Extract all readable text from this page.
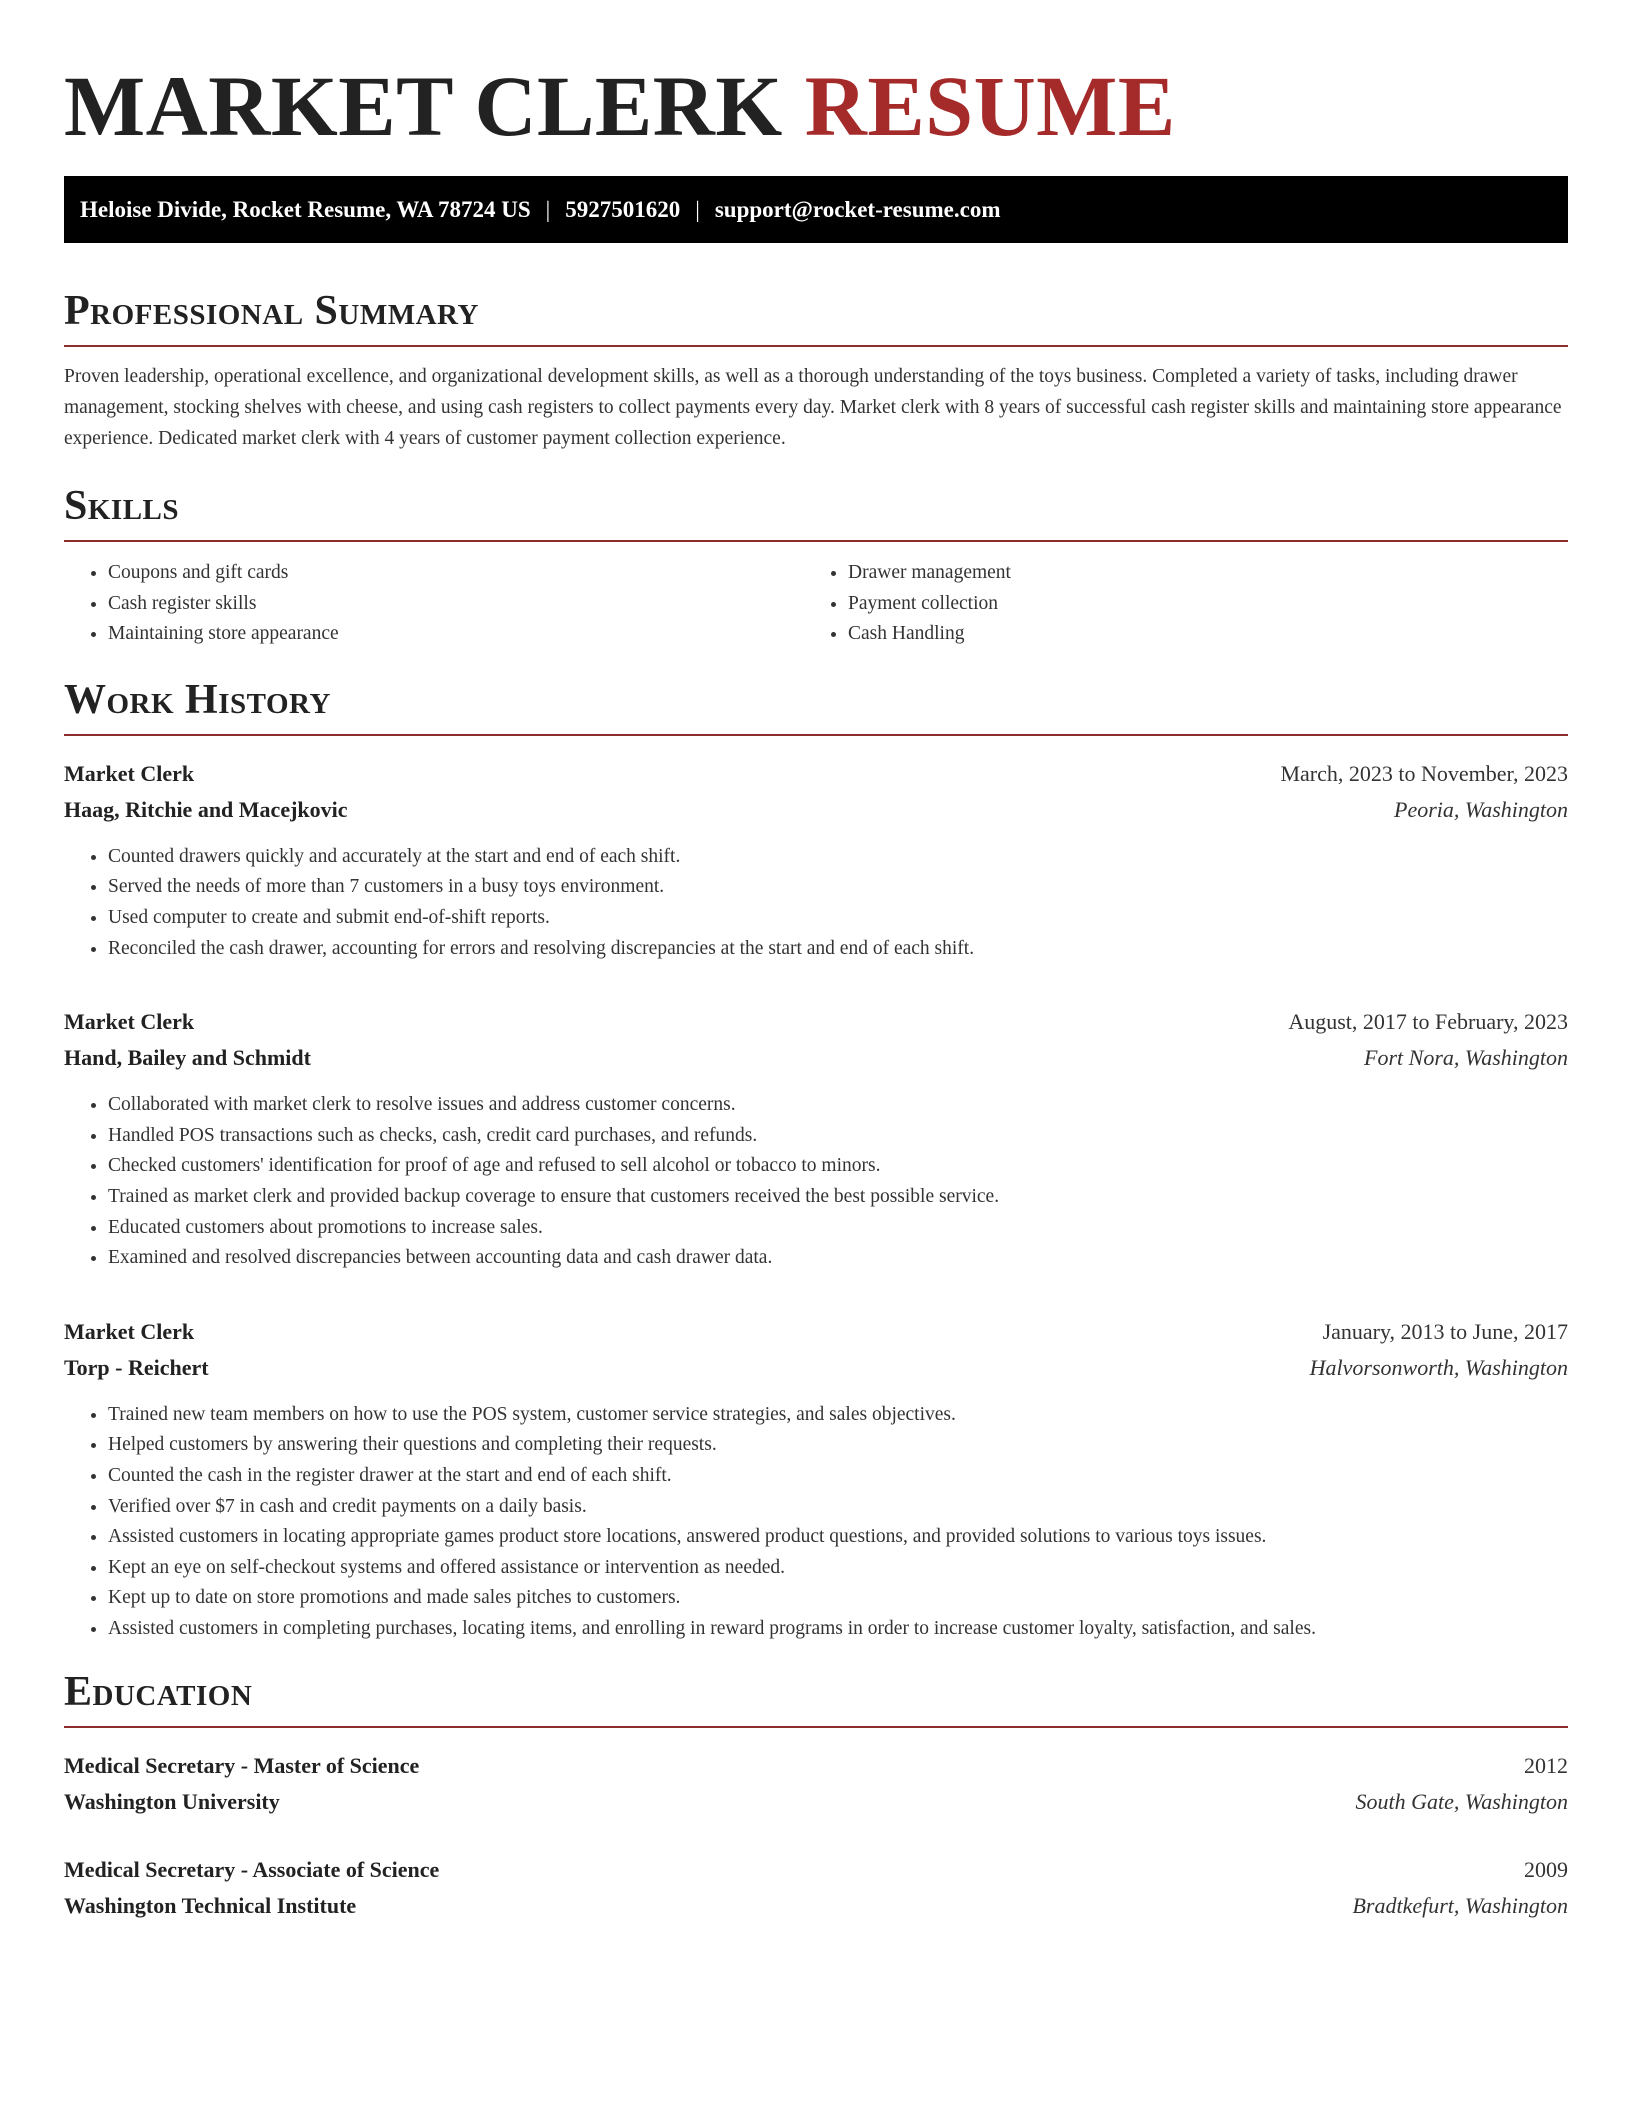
MARKET CLERK RESUME
Heloise Divide, Rocket Resume, WA 78724 US | 5927501620 | support@rocket-resume.com
Professional Summary

Proven leadership, operational excellence, and organizational development skills, as well as a thorough understanding of the toys business. Completed a variety of tasks, including drawer management, stocking shelves with cheese, and using cash registers to collect payments every day. Market clerk with 8 years of successful cash register skills and maintaining store appearance experience. Dedicated market clerk with 4 years of customer payment collection experience.

Skills
• Coupons and gift cards
• Cash register skills
• Maintaining store appearance
• Drawer management
• Payment collection
• Cash Handling
Work History
Market Clerk	March, 2023 to November, 2023
Haag, Ritchie and Macejkovic	Peoria, Washington
• Counted drawers quickly and accurately at the start and end of each shift.
• Served the needs of more than 7 customers in a busy toys environment.
• Used computer to create and submit end-of-shift reports.
• Reconciled the cash drawer, accounting for errors and resolving discrepancies at the start and end of each shift.
Market Clerk	August, 2017 to February, 2023
Hand, Bailey and Schmidt	Fort Nora, Washington
• Collaborated with market clerk to resolve issues and address customer concerns.
• Handled POS transactions such as checks, cash, credit card purchases, and refunds.
• Checked customers' identification for proof of age and refused to sell alcohol or tobacco to minors.
• Trained as market clerk and provided backup coverage to ensure that customers received the best possible service.
• Educated customers about promotions to increase sales.
• Examined and resolved discrepancies between accounting data and cash drawer data.
Market Clerk	January, 2013 to June, 2017
Torp - Reichert	Halvorsonworth, Washington
• Trained new team members on how to use the POS system, customer service strategies, and sales objectives.
• Helped customers by answering their questions and completing their requests.
• Counted the cash in the register drawer at the start and end of each shift.
• Verified over $7 in cash and credit payments on a daily basis.
• Assisted customers in locating appropriate games product store locations, answered product questions, and provided solutions to various toys issues.
• Kept an eye on self-checkout systems and offered assistance or intervention as needed.
• Kept up to date on store promotions and made sales pitches to customers.
• Assisted customers in completing purchases, locating items, and enrolling in reward programs in order to increase customer loyalty, satisfaction, and sales.
Education
Medical Secretary - Master of Science	2012
Washington University	South Gate, Washington
Medical Secretary - Associate of Science	2009
Washington Technical Institute	Bradtkefurt, Washington
